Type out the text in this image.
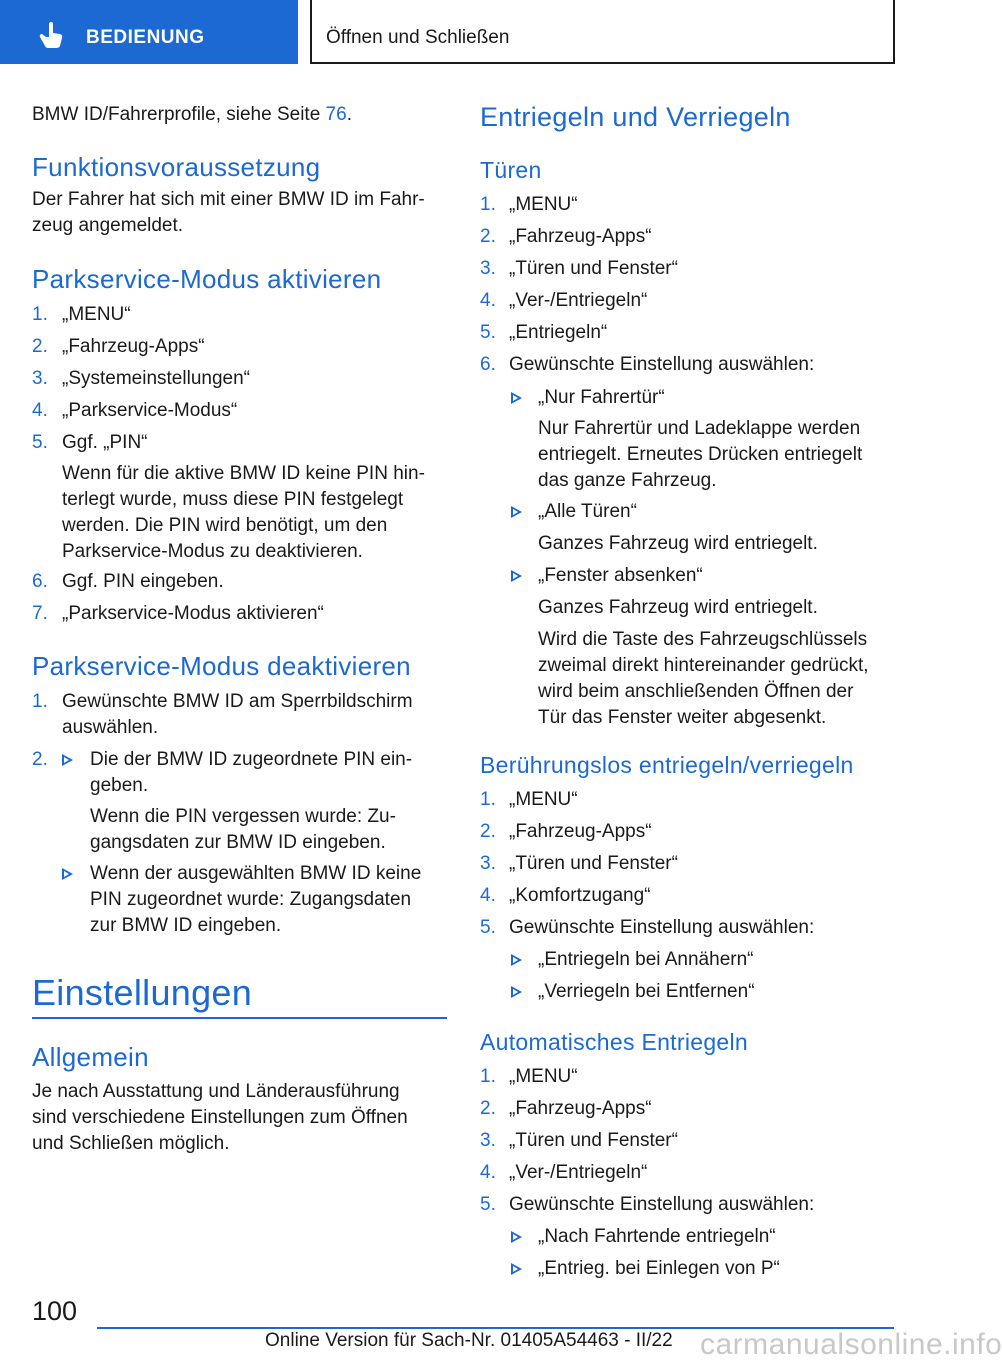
BEDIENUNG	Öffnen und Schließen
BMW ID/Fahrerprofile, siehe Seite 76.
Funktionsvoraussetzung
Der Fahrer hat sich mit einer BMW ID im Fahr-
zeug angemeldet.
Parkservice-Modus aktivieren
1. „MENU“
2. „Fahrzeug-Apps“
3. „Systemeinstellungen“
4. „Parkservice-Modus“
5. Ggf. „PIN“
Wenn für die aktive BMW ID keine PIN hin-
terlegt wurde, muss diese PIN festgelegt
werden. Die PIN wird benötigt, um den
Parkservice-Modus zu deaktivieren.
6. Ggf. PIN eingeben.
7. „Parkservice-Modus aktivieren“
Parkservice-Modus deaktivieren
1. Gewünschte BMW ID am Sperrbildschirm
auswählen.
2. Die der BMW ID zugeordnete PIN ein-
geben.
Wenn die PIN vergessen wurde: Zu-
gangsdaten zur BMW ID eingeben.
Wenn der ausgewählten BMW ID keine
PIN zugeordnet wurde: Zugangsdaten
zur BMW ID eingeben.
Einstellungen
Allgemein
Je nach Ausstattung und Länderausführung
sind verschiedene Einstellungen zum Öffnen
und Schließen möglich.
Entriegeln und Verriegeln
Türen
1. „MENU“
2. „Fahrzeug-Apps“
3. „Türen und Fenster“
4. „Ver-/Entriegeln“
5. „Entriegeln“
6. Gewünschte Einstellung auswählen:
„Nur Fahrertür“
Nur Fahrertür und Ladeklappe werden
entriegelt. Erneutes Drücken entriegelt
das ganze Fahrzeug.
„Alle Türen“
Ganzes Fahrzeug wird entriegelt.
„Fenster absenken“
Ganzes Fahrzeug wird entriegelt.
Wird die Taste des Fahrzeugschlüssels
zweimal direkt hintereinander gedrückt,
wird beim anschließenden Öffnen der
Tür das Fenster weiter abgesenkt.
Berührungslos entriegeln/verriegeln
1. „MENU“
2. „Fahrzeug-Apps“
3. „Türen und Fenster“
4. „Komfortzugang“
5. Gewünschte Einstellung auswählen:
„Entriegeln bei Annähern“
„Verriegeln bei Entfernen“
Automatisches Entriegeln
1. „MENU“
2. „Fahrzeug-Apps“
3. „Türen und Fenster“
4. „Ver-/Entriegeln“
5. Gewünschte Einstellung auswählen:
„Nach Fahrtende entriegeln“
„Entrieg. bei Einlegen von P“
100
Online Version für Sach-Nr. 01405A54463 - II/22 carmanualsonline.info
